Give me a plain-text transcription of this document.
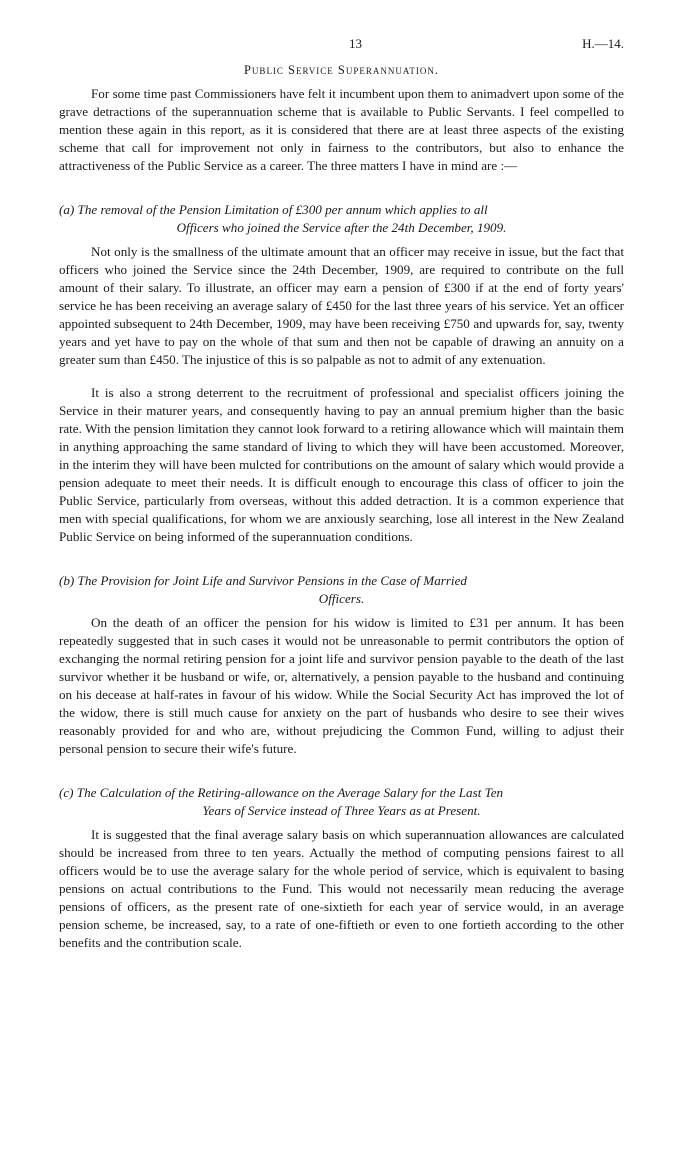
13	H.—14.
Public Service Superannuation.

For some time past Commissioners have felt it incumbent upon them to animadvert upon some of the grave detractions of the superannuation scheme that is available to Public Servants. I feel compelled to mention these again in this report, as it is considered that there are at least three aspects of the existing scheme that call for improvement not only in fairness to the contributors, but also to enhance the attractiveness of the Public Service as a career. The three matters I have in mind are :—

(a) The removal of the Pension Limitation of £300 per annum which applies to all
Officers who joined the Service after the 24th December, 1909.

Not only is the smallness of the ultimate amount that an officer may receive in issue, but the fact that officers who joined the Service since the 24th December, 1909, are required to contribute on the full amount of their salary. To illustrate, an officer may earn a pension of £300 if at the end of forty years' service he has been receiving an average salary of £450 for the last three years of his service. Yet an officer appointed subsequent to 24th December, 1909, may have been receiving £750 and upwards for, say, twenty years and yet have to pay on the whole of that sum and then not be capable of drawing an annuity on a greater sum than £450. The injustice of this is so palpable as not to admit of any extenuation.

It is also a strong deterrent to the recruitment of professional and specialist officers joining the Service in their maturer years, and consequently having to pay an annual premium higher than the basic rate. With the pension limitation they cannot look forward to a retiring allowance which will maintain them in anything approaching the same standard of living to which they will have been accustomed. Moreover, in the interim they will have been mulcted for contributions on the amount of salary which would provide a pension adequate to meet their needs. It is difficult enough to encourage this class of officer to join the Public Service, particularly from overseas, without this added detraction. It is a common experience that men with special qualifications, for whom we are anxiously searching, lose all interest in the New Zealand Public Service on being informed of the superannuation conditions.

(b) The Provision for Joint Life and Survivor Pensions in the Case of Married
Officers.

On the death of an officer the pension for his widow is limited to £31 per annum. It has been repeatedly suggested that in such cases it would not be unreasonable to permit contributors the option of exchanging the normal retiring pension for a joint life and survivor pension payable to the death of the last survivor whether it be husband or wife, or, alternatively, a pension payable to the husband and continuing on his decease at half-rates in favour of his widow. While the Social Security Act has improved the lot of the widow, there is still much cause for anxiety on the part of husbands who desire to see their wives reasonably provided for and who are, without prejudicing the Common Fund, willing to adjust their personal pension to secure their wife's future.

(c) The Calculation of the Retiring-allowance on the Average Salary for the Last Ten
Years of Service instead of Three Years as at Present.

It is suggested that the final average salary basis on which superannuation allowances are calculated should be increased from three to ten years. Actually the method of computing pensions fairest to all officers would be to use the average salary for the whole period of service, which is equivalent to basing pensions on actual contributions to the Fund. This would not necessarily mean reducing the average pensions of officers, as the present rate of one-sixtieth for each year of service would, in an average pension scheme, be increased, say, to a rate of one-fiftieth or even to one fortieth according to the other benefits and the contribution scale.
